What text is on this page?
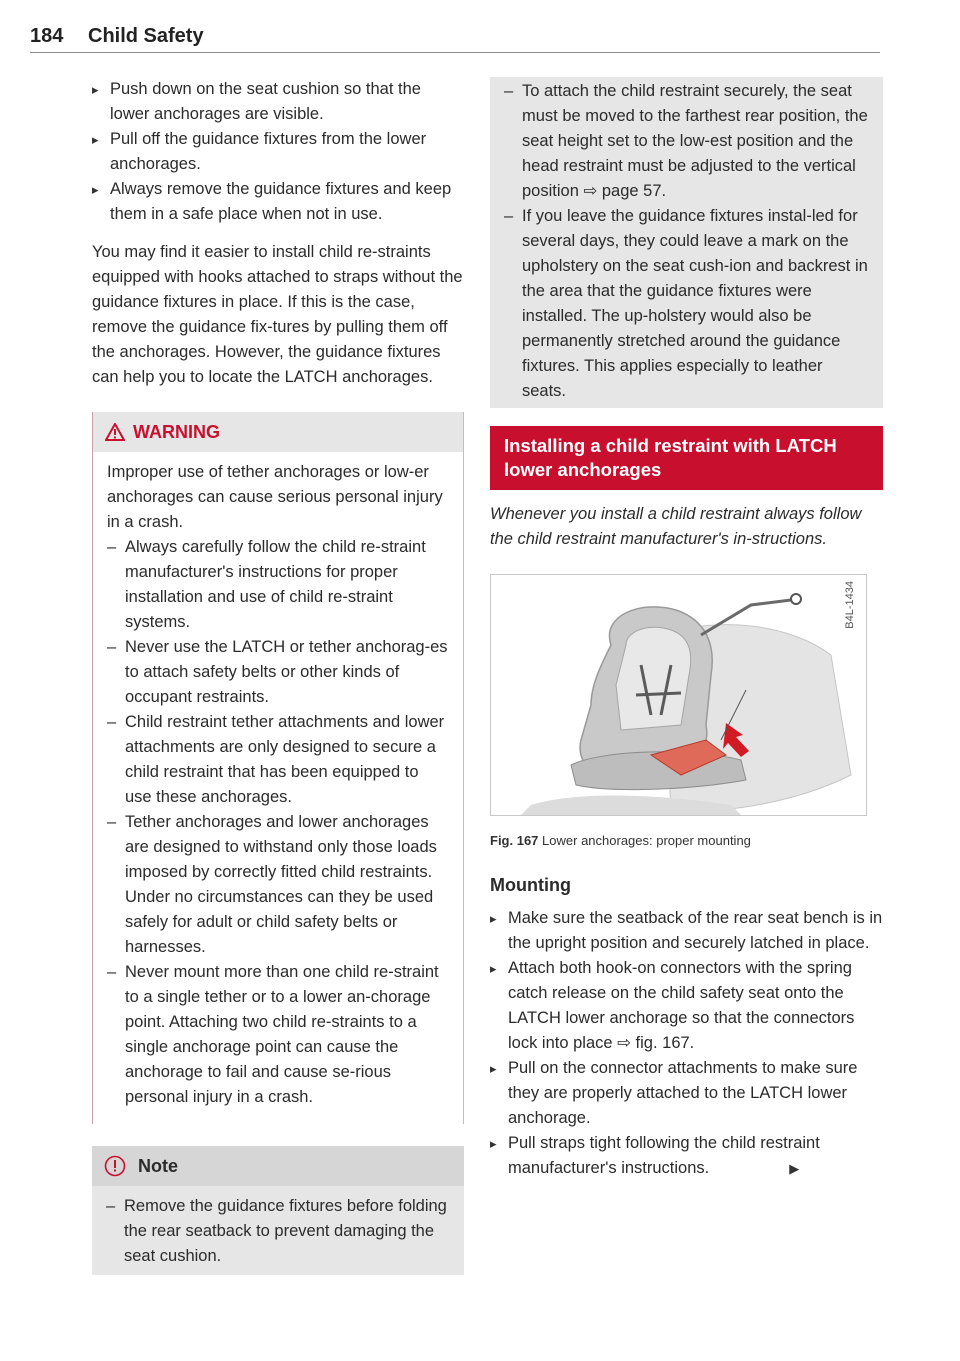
184 Child Safety

▸ Push down on the seat cushion so that the lower anchorages are visible.

▸ Pull off the guidance fixtures from the lower anchorages.

▸ Always remove the guidance fixtures and keep them in a safe place when not in use.

You may find it easier to install child re-straints equipped with hooks attached to straps without the guidance fixtures in place. If this is the case, remove the guidance fix-tures by pulling them off the anchorages. However, the guidance fixtures can help you to locate the LATCH anchorages.

WARNING

Improper use of tether anchorages or low-er anchorages can cause serious personal injury in a crash.

– Always carefully follow the child re-straint manufacturer's instructions for proper installation and use of child re-straint systems.

– Never use the LATCH or tether anchorag-es to attach safety belts or other kinds of occupant restraints.

– Child restraint tether attachments and lower attachments are only designed to secure a child restraint that has been equipped to use these anchorages.

– Tether anchorages and lower anchorages are designed to withstand only those loads imposed by correctly fitted child restraints. Under no circumstances can they be used safely for adult or child safety belts or harnesses.

– Never mount more than one child re-straint to a single tether or to a lower an-chorage point. Attaching two child re-straints to a single anchorage point can cause the anchorage to fail and cause se-rious personal injury in a crash.

Note

– Remove the guidance fixtures before folding the rear seatback to prevent damaging the seat cushion.

– To attach the child restraint securely, the seat must be moved to the farthest rear position, the seat height set to the low-est position and the head restraint must be adjusted to the vertical position ⇨ page 57.

– If you leave the guidance fixtures instal-led for several days, they could leave a mark on the upholstery on the seat cush-ion and backrest in the area that the guidance fixtures were installed. The up-holstery would also be permanently stretched around the guidance fixtures. This applies especially to leather seats.

Installing a child restraint with LATCH lower anchorages

Whenever you install a child restraint always follow the child restraint manufacturer's in-structions.

B4L-1434

Fig. 167 Lower anchorages: proper mounting

Mounting

▸ Make sure the seatback of the rear seat bench is in the upright position and securely latched in place.

▸ Attach both hook-on connectors with the spring catch release on the child safety seat onto the LATCH lower anchorage so that the connectors lock into place ⇨ fig. 167.

▸ Pull on the connector attachments to make sure they are properly attached to the LATCH lower anchorage.

▸ Pull straps tight following the child restraint manufacturer's instructions.	▶
